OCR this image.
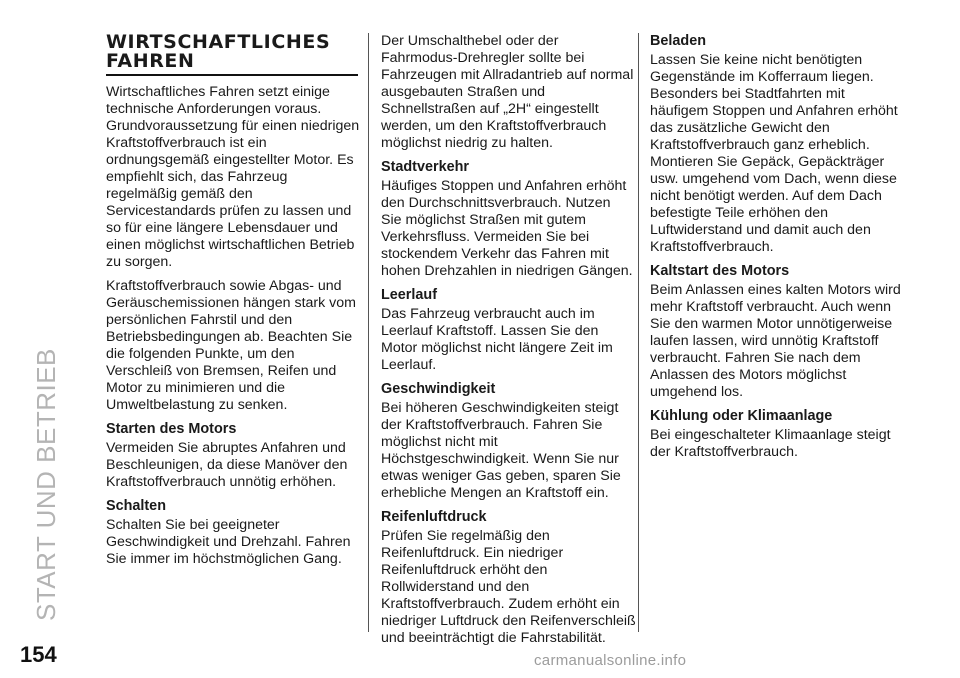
START UND BETRIEB
154	carmanualsonline.info
WIRTSCHAFTLICHES
FAHREN

Wirtschaftliches Fahren setzt einige
technische Anforderungen voraus.
Grundvoraussetzung für einen niedrigen
Kraftstoffverbrauch ist ein
ordnungsgemäß eingestellter Motor. Es
empfiehlt sich, das Fahrzeug
regelmäßig gemäß den
Servicestandards prüfen zu lassen und
so für eine längere Lebensdauer und
einen möglichst wirtschaftlichen Betrieb
zu sorgen.

Kraftstoffverbrauch sowie Abgas- und
Geräuschemissionen hängen stark vom
persönlichen Fahrstil und den
Betriebsbedingungen ab. Beachten Sie
die folgenden Punkte, um den
Verschleiß von Bremsen, Reifen und
Motor zu minimieren und die
Umweltbelastung zu senken.

Starten des Motors

Vermeiden Sie abruptes Anfahren und
Beschleunigen, da diese Manöver den
Kraftstoffverbrauch unnötig erhöhen.

Schalten

Schalten Sie bei geeigneter
Geschwindigkeit und Drehzahl. Fahren
Sie immer im höchstmöglichen Gang.

Der Umschalthebel oder der
Fahrmodus-Drehregler sollte bei
Fahrzeugen mit Allradantrieb auf normal
ausgebauten Straßen und
Schnellstraßen auf „2H“ eingestellt
werden, um den Kraftstoffverbrauch
möglichst niedrig zu halten.

Stadtverkehr

Häufiges Stoppen und Anfahren erhöht
den Durchschnittsverbrauch. Nutzen
Sie möglichst Straßen mit gutem
Verkehrsfluss. Vermeiden Sie bei
stockendem Verkehr das Fahren mit
hohen Drehzahlen in niedrigen Gängen.

Leerlauf

Das Fahrzeug verbraucht auch im
Leerlauf Kraftstoff. Lassen Sie den
Motor möglichst nicht längere Zeit im
Leerlauf.

Geschwindigkeit

Bei höheren Geschwindigkeiten steigt
der Kraftstoffverbrauch. Fahren Sie
möglichst nicht mit
Höchstgeschwindigkeit. Wenn Sie nur
etwas weniger Gas geben, sparen Sie
erhebliche Mengen an Kraftstoff ein.

Reifenluftdruck

Prüfen Sie regelmäßig den
Reifenluftdruck. Ein niedriger
Reifenluftdruck erhöht den
Rollwiderstand und den
Kraftstoffverbrauch. Zudem erhöht ein
niedriger Luftdruck den Reifenverschleiß
und beeinträchtigt die Fahrstabilität.

Beladen

Lassen Sie keine nicht benötigten
Gegenstände im Kofferraum liegen.
Besonders bei Stadtfahrten mit
häufigem Stoppen und Anfahren erhöht
das zusätzliche Gewicht den
Kraftstoffverbrauch ganz erheblich.
Montieren Sie Gepäck, Gepäckträger
usw. umgehend vom Dach, wenn diese
nicht benötigt werden. Auf dem Dach
befestigte Teile erhöhen den
Luftwiderstand und damit auch den
Kraftstoffverbrauch.

Kaltstart des Motors

Beim Anlassen eines kalten Motors wird
mehr Kraftstoff verbraucht. Auch wenn
Sie den warmen Motor unnötigerweise
laufen lassen, wird unnötig Kraftstoff
verbraucht. Fahren Sie nach dem
Anlassen des Motors möglichst
umgehend los.

Kühlung oder Klimaanlage

Bei eingeschalteter Klimaanlage steigt
der Kraftstoffverbrauch.
